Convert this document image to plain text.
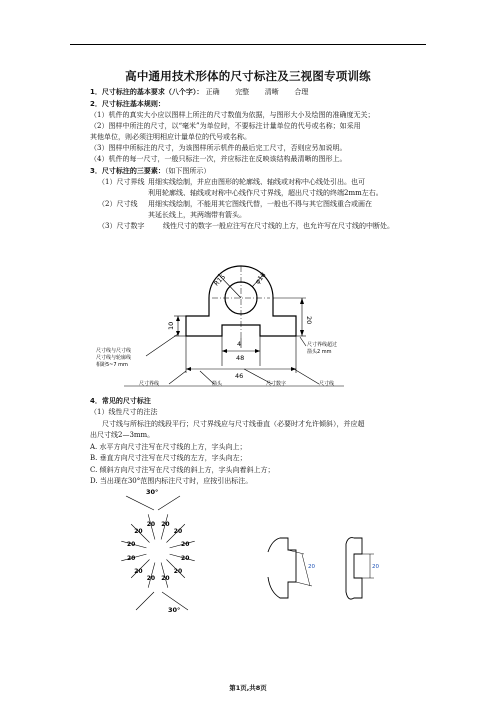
高中通用技术形体的尺寸标注及三视图专项训练
1．尺寸标注的基本要求（八个字）： 正确 完整 清晰 合理
2．尺寸标注基本规则：
（1）机件的真实大小应以图样上所注的尺寸数值为依据，与图形大小及绘图的准确度无关；
（2）图样中所注的尺寸，以“毫米”为单位时，不要标注计量单位的代号或名称；如采用
其他单位，则必须注明相应计量单位的代号或名称。
（3）图样中所标注的尺寸，为该图样所示机件的最后完工尺寸，否则应另加说明。
（4）机件的每一尺寸，一般只标注一次，并应标注在反映该结构最清晰的图形上。
3．尺寸标注的三要素：（如下图所示）
（1）尺寸界线 用细实线绘制，并应由图形的轮廓线、轴线或对称中心线处引出。也可
利用轮廓线、轴线或对称中心线作尺寸界线，超出尺寸线的终端2mm左右。
（2）尺寸线 用细实线绘制，不能用其它图线代替，一般也不得与其它图线重合或画在
其延长线上，其两端带有箭头。
（3）尺寸数字	线性尺寸的数字一般应注写在尺寸线的上方，也允许写在尺寸线的中断处。
R15	φ18
20
10
4
48
46
尺寸线与尺寸线
尺寸线与轮廓线
相距5~7 mm
尺寸界线超过
箭头2 mm
尺寸界线	箭头	尺寸数字	尺寸线
4．常见的尺寸标注
（1）线性尺寸的注法
尺寸线与所标注的线段平行；尺寸界线应与尺寸线垂直（必要时才允许倾斜），并应超
出尺寸线2—3mm。
A. 水平方向尺寸注写在尺寸线的上方，字头向上；
B. 垂直方向尺寸注写在尺寸线的左方，字头向左；
C. 倾斜方向尺寸注写在尺寸线的斜上方，字头向着斜上方；
D. 当出现在30°范围内标注尺寸时，应按引出标注。
30°
30°
20
20
20
20
20
20
20
20
20 20
20
20
20	20
第1页,共8页
